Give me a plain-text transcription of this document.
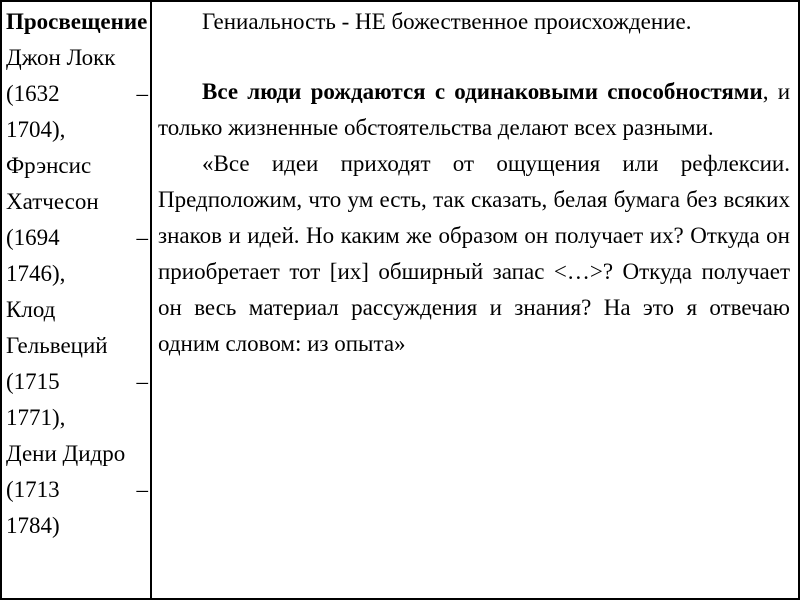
Просвещение
Джон Локк
(1632	–
1704),
Фрэнсис Хатчесон
(1694	–
1746),
Клод Гельвеций
(1715	–
1771),
Дени Дидро
(1713	–
1784)

Гениальность - НЕ божественное происхождение.

Все люди рождаются с одинаковыми способностями, и только жизненные обстоятельства делают всех разными.

«Все идеи приходят от ощущения или рефлексии. Предположим, что ум есть, так сказать, белая бумага без всяких знаков и идей. Но каким же образом он получает их? Откуда он приобретает тот [их] обширный запас <…>? Откуда получает он весь материал рассуждения и знания? На это я отвечаю одним словом: из опыта»
